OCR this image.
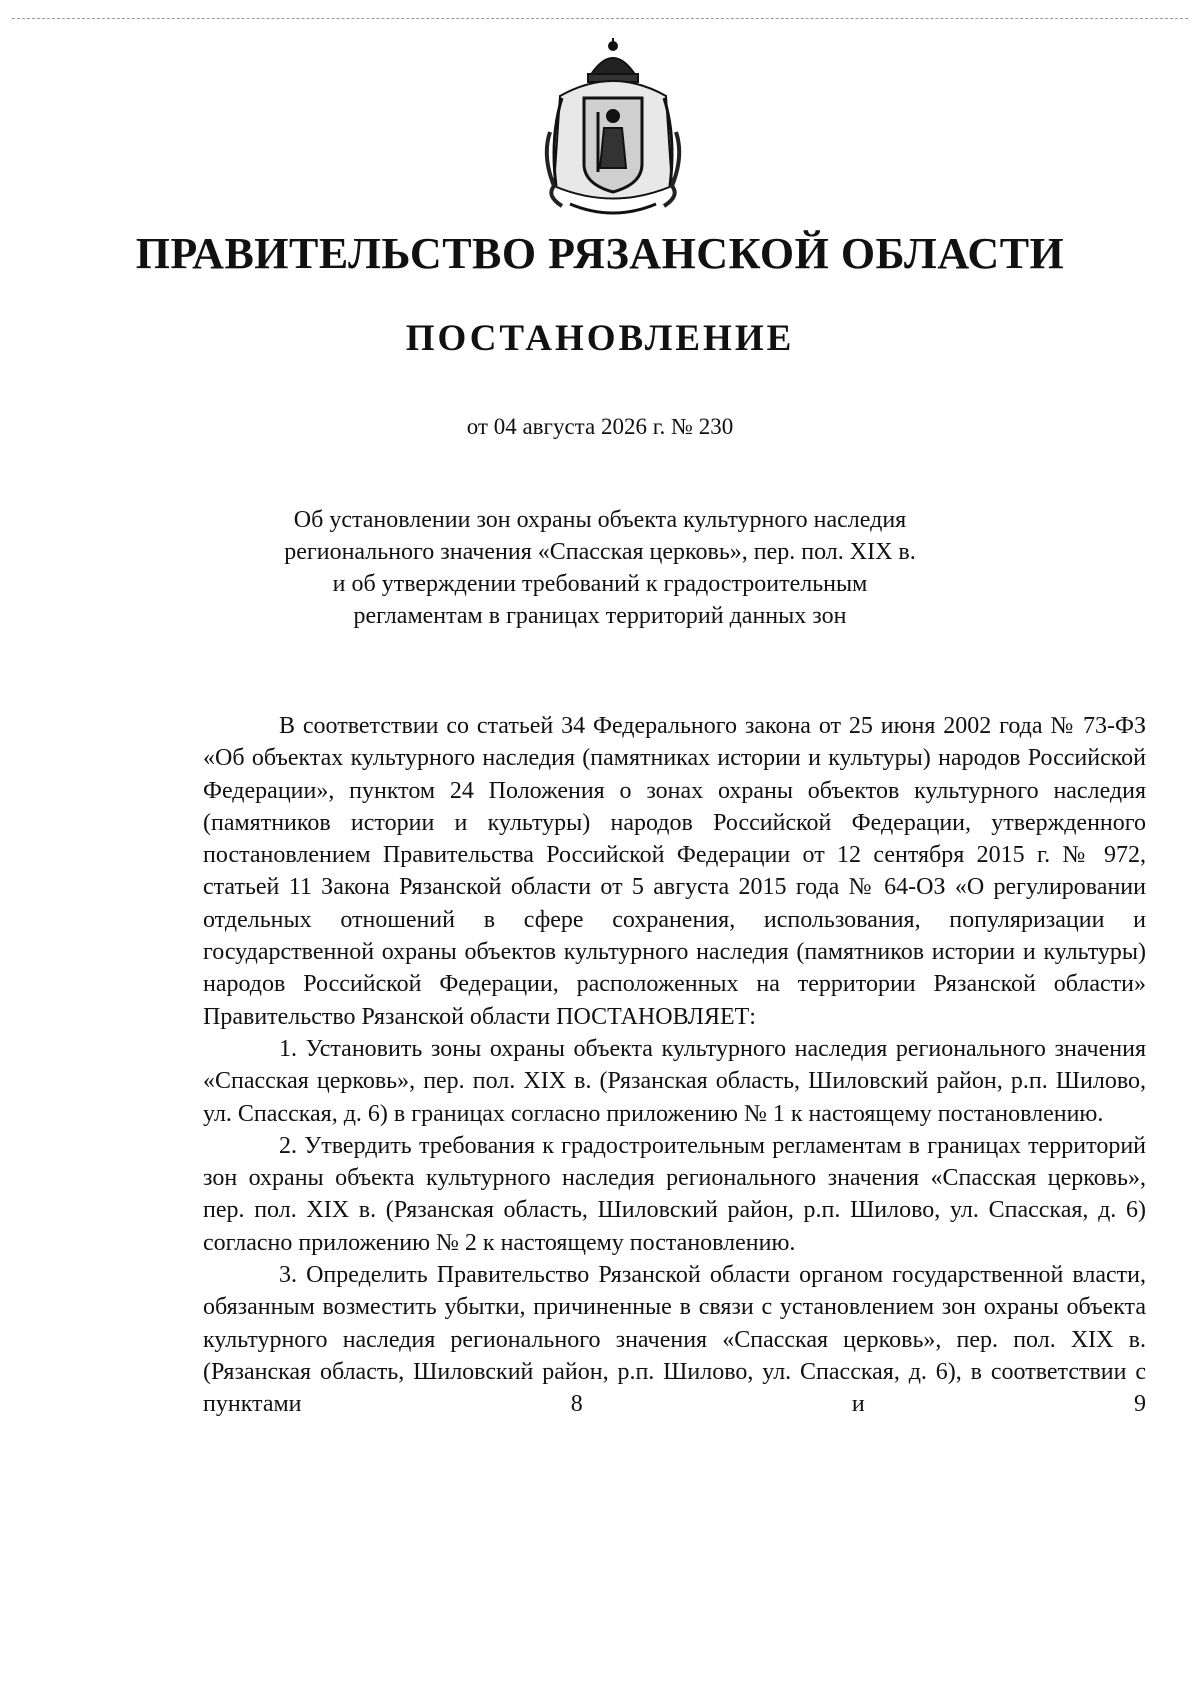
ПРАВИТЕЛЬСТВО РЯЗАНСКОЙ ОБЛАСТИ
ПОСТАНОВЛЕНИЕ
от 04 августа 2026 г. № 230
Об установлении зон охраны объекта культурного наследия
регионального значения «Спасская церковь», пер. пол. XIX в.
и об утверждении требований к градостроительным
регламентам в границах территорий данных зон

В соответствии со статьей 34 Федерального закона от 25 июня 2002 года № 73-ФЗ «Об объектах культурного наследия (памятниках истории и культуры) народов Российской Федерации», пунктом 24 Положения о зонах охраны объектов культурного наследия (памятников истории и культуры) народов Российской Федерации, утвержденного постановлением Правительства Российской Федерации от 12 сентября 2015 г. № 972, статьей 11 Закона Рязанской области от 5 августа 2015 года № 64-ОЗ «О регулировании отдельных отношений в сфере сохранения, использования, популяризации и государственной охраны объектов культурного наследия (памятников истории и культуры) народов Российской Федерации, расположенных на территории Рязанской области» Правительство Рязанской области ПОСТАНОВЛЯЕТ:

1. Установить зоны охраны объекта культурного наследия регионального значения «Спасская церковь», пер. пол. XIX в. (Рязанская область, Шиловский район, р.п. Шилово, ул. Спасская, д. 6) в границах согласно приложению № 1 к настоящему постановлению.

2. Утвердить требования к градостроительным регламентам в границах территорий зон охраны объекта культурного наследия регионального значения «Спасская церковь», пер. пол. XIX в. (Рязанская область, Шиловский район, р.п. Шилово, ул. Спасская, д. 6) согласно приложению № 2 к настоящему постановлению.

3. Определить Правительство Рязанской области органом государственной власти, обязанным возместить убытки, причиненные в связи с установлением зон охраны объекта культурного наследия регионального значения «Спасская церковь», пер. пол. XIX в. (Рязанская область, Шиловский район, р.п. Шилово, ул. Спасская, д. 6), в соответствии с пунктами 8 и 9
